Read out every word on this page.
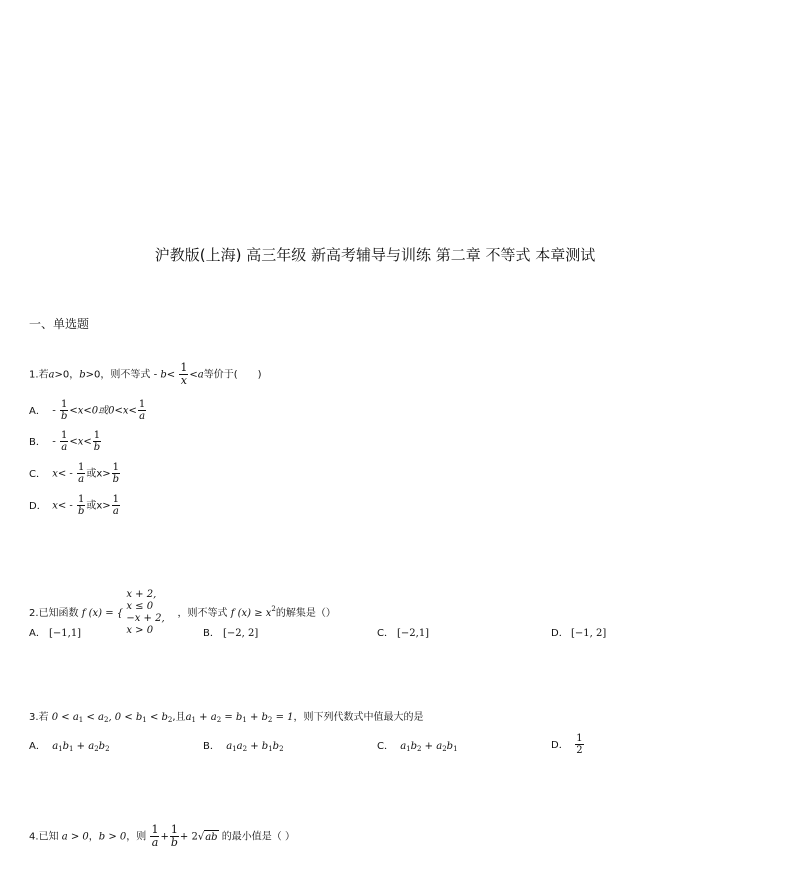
沪教版(上海) 高三年级 新高考辅导与训练 第二章 不等式 本章测试
一、单选题
1.若a>0，b>0，则不等式 - $b< \frac{1}{x} <a$等价于(　　)
A． - $\frac{1}{b} <x<0$或$0<x< \frac{1}{a}$
B． - $\frac{1}{a} <x< \frac{1}{b}$
C． $x< - \frac{1}{a}$ 或$x> \frac{1}{b}$
D． $x< - \frac{1}{b}$ 或$x> \frac{1}{a}$
2.已知函数 f (x) = {
x + 2,
x ≤ 0
−x + 2,
x > 0
，则不等式 f $(x) \ge x^2$的解集是（）
A． [−1,1]	B． [−2, 2]	C． [−2,1]	D． [−1, 2]
3.若 $0 < a_1 < a_2$, $0 < b_1 < b_2$,且$a_1 + a_2 = b_1 + b_2 = 1$，则下列代数式中值最大的是
A． $a_1b_1 + a_2b_2$	B． $a_1a_2 + b_1b_2$	C． $a_1b_2 + a_2b_1$	D． $\frac{1}{2}$
4.已知 a > 0，b > 0，则 $\frac{1}{a} + \frac{1}{b} + 2√ab$ 的最小值是（ ）
